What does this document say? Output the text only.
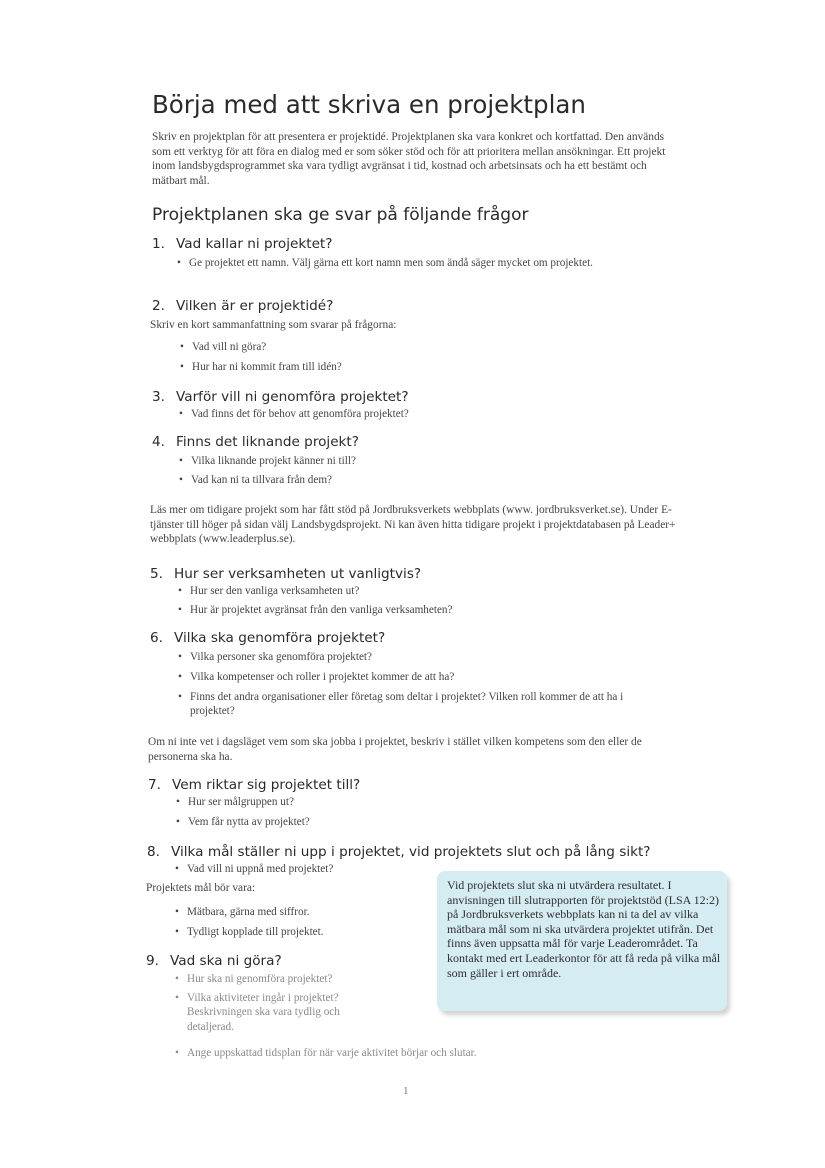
Börja med att skriva en projektplan
Skriv en projektplan för att presentera er projektidé. Projektplanen ska vara konkret och kortfattad. Den används som ett verktyg för att föra en dialog med er som söker stöd och för att prioritera mellan ansökningar. Ett projekt inom landsbygdsprogrammet ska vara tydligt avgränsat i tid, kostnad och arbetsinsats och ha ett bestämt och mätbart mål.
Projektplanen ska ge svar på följande frågor
1. Vad kallar ni projektet?
• Ge projektet ett namn. Välj gärna ett kort namn men som ändå säger mycket om projektet.
2. Vilken är er projektidé?
Skriv en kort sammanfattning som svarar på frågorna:
• Vad vill ni göra?
• Hur har ni kommit fram till idén?
3. Varför vill ni genomföra projektet?
• Vad finns det för behov att genomföra projektet?
4. Finns det liknande projekt?
• Vilka liknande projekt känner ni till?
• Vad kan ni ta tillvara från dem?
Läs mer om tidigare projekt som har fått stöd på Jordbruksverkets webbplats (www. jordbruksverket.se). Under E-tjänster till höger på sidan välj Landsbygdsprojekt. Ni kan även hitta tidigare projekt i projektdatabasen på Leader+ webbplats (www.leaderplus.se).
5. Hur ser verksamheten ut vanligtvis?
• Hur ser den vanliga verksamheten ut?
• Hur är projektet avgränsat från den vanliga verksamheten?
6. Vilka ska genomföra projektet?
• Vilka personer ska genomföra projektet?
• Vilka kompetenser och roller i projektet kommer de att ha?
• Finns det andra organisationer eller företag som deltar i projektet? Vilken roll kommer de att ha i projektet?
Om ni inte vet i dagsläget vem som ska jobba i projektet, beskriv i stället vilken kompetens som den eller de personerna ska ha.
7. Vem riktar sig projektet till?
• Hur ser målgruppen ut?
• Vem får nytta av projektet?
8. Vilka mål ställer ni upp i projektet, vid projektets slut och på lång sikt?
• Vad vill ni uppnå med projektet?
Projektets mål bör vara:
• Mätbara, gärna med siffror.
• Tydligt kopplade till projektet.
9. Vad ska ni göra?
• Hur ska ni genomföra projektet?
• Vilka aktiviteter ingår i projektet? Beskrivningen ska vara tydlig och detaljerad.
• Ange uppskattad tidsplan för när varje aktivitet börjar och slutar.
Vid projektets slut ska ni utvärdera resultatet. I anvisningen till slutrapporten för projektstöd (LSA 12:2) på Jordbruksverkets webbplats kan ni ta del av vilka mätbara mål som ni ska utvärdera projektet utifrån. Det finns även uppsatta mål för varje Leaderområdet. Ta kontakt med ert Leaderkontor för att få reda på vilka mål som gäller i ert område.
1
